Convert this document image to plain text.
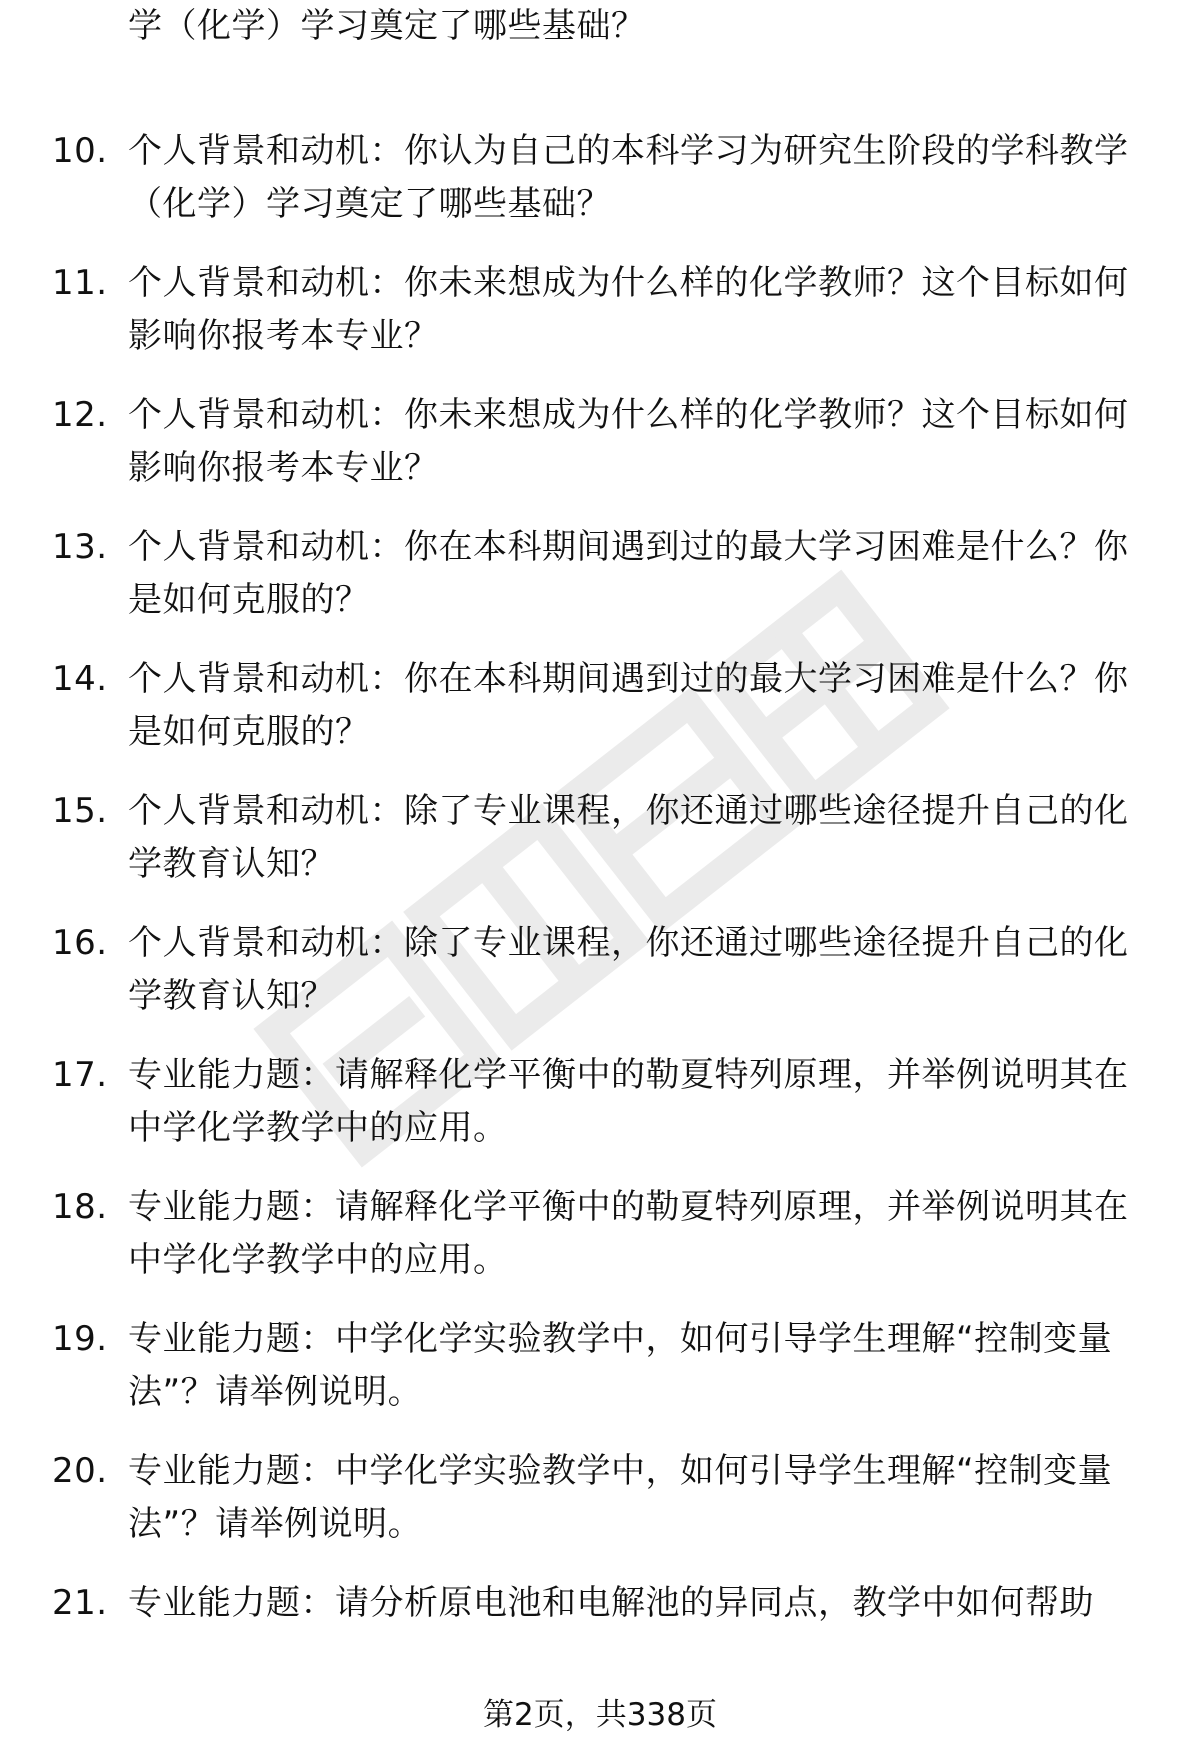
学（化学）学习奠定了哪些基础？
10. 个人背景和动机：你认为自己的本科学习为研究生阶段的学科教学（化学）学习奠定了哪些基础？
11. 个人背景和动机：你未来想成为什么样的化学教师？这个目标如何影响你报考本专业？
12. 个人背景和动机：你未来想成为什么样的化学教师？这个目标如何影响你报考本专业？
13. 个人背景和动机：你在本科期间遇到过的最大学习困难是什么？你是如何克服的？
14. 个人背景和动机：你在本科期间遇到过的最大学习困难是什么？你是如何克服的？
15. 个人背景和动机：除了专业课程，你还通过哪些途径提升自己的化学教育认知？
16. 个人背景和动机：除了专业课程，你还通过哪些途径提升自己的化学教育认知？
17. 专业能力题：请解释化学平衡中的勒夏特列原理，并举例说明其在中学化学教学中的应用。
18. 专业能力题：请解释化学平衡中的勒夏特列原理，并举例说明其在中学化学教学中的应用。
19. 专业能力题：中学化学实验教学中，如何引导学生理解“控制变量法”？请举例说明。
20. 专业能力题：中学化学实验教学中，如何引导学生理解“控制变量法”？请举例说明。
21. 专业能力题：请分析原电池和电解池的异同点，教学中如何帮助
第2页，共338页
